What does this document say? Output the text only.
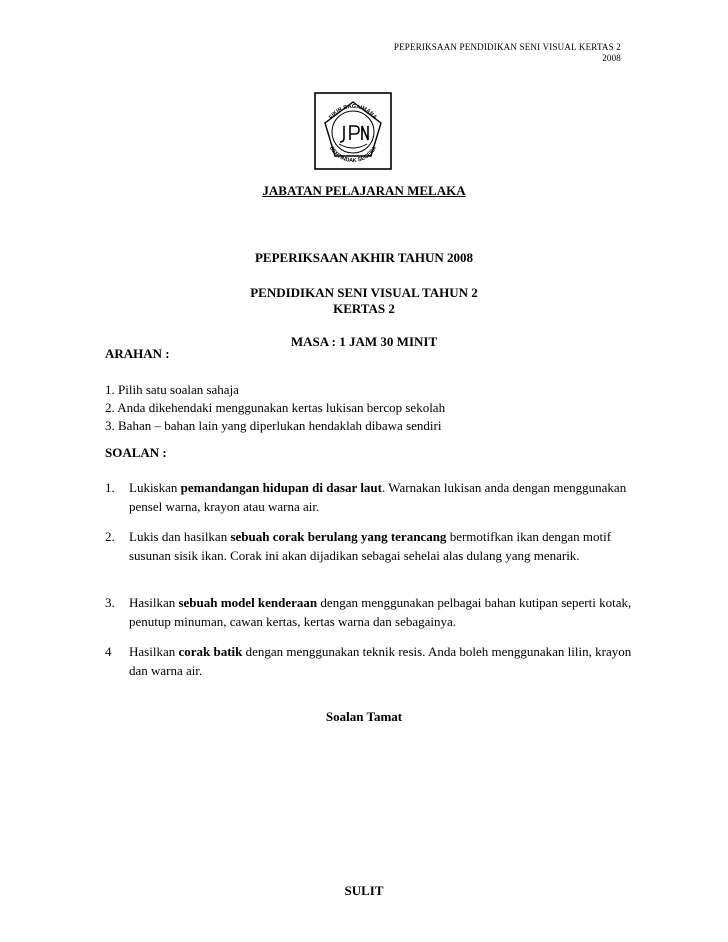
PEPERIKSAAN PENDIDIKAN SENI VISUAL KERTAS 2
2008
FIKIR BAGAIMANA
BERTINDAK SEGERA
JABATAN PELAJARAN MELAKA
PEPERIKSAAN AKHIR TAHUN 2008
PENDIDIKAN SENI VISUAL TAHUN 2
KERTAS 2
MASA : 1 JAM 30 MINIT
ARAHAN :
1. Pilih satu soalan sahaja
2. Anda dikehendaki menggunakan kertas lukisan bercop sekolah
3. Bahan – bahan lain yang diperlukan hendaklah dibawa sendiri
SOALAN :
1. Lukiskan pemandangan hidupan di dasar laut. Warnakan lukisan anda dengan menggunakan pensel warna, krayon atau warna air.
2. Lukis dan hasilkan sebuah corak berulang yang terancang bermotifkan ikan dengan motif susunan sisik ikan. Corak ini akan dijadikan sebagai sehelai alas dulang yang menarik.
3. Hasilkan sebuah model kenderaan dengan menggunakan pelbagai bahan kutipan seperti kotak, penutup minuman, cawan kertas, kertas warna dan sebagainya.
4 Hasilkan corak batik dengan menggunakan teknik resis. Anda boleh menggunakan lilin, krayon dan warna air.
Soalan Tamat
SULIT
